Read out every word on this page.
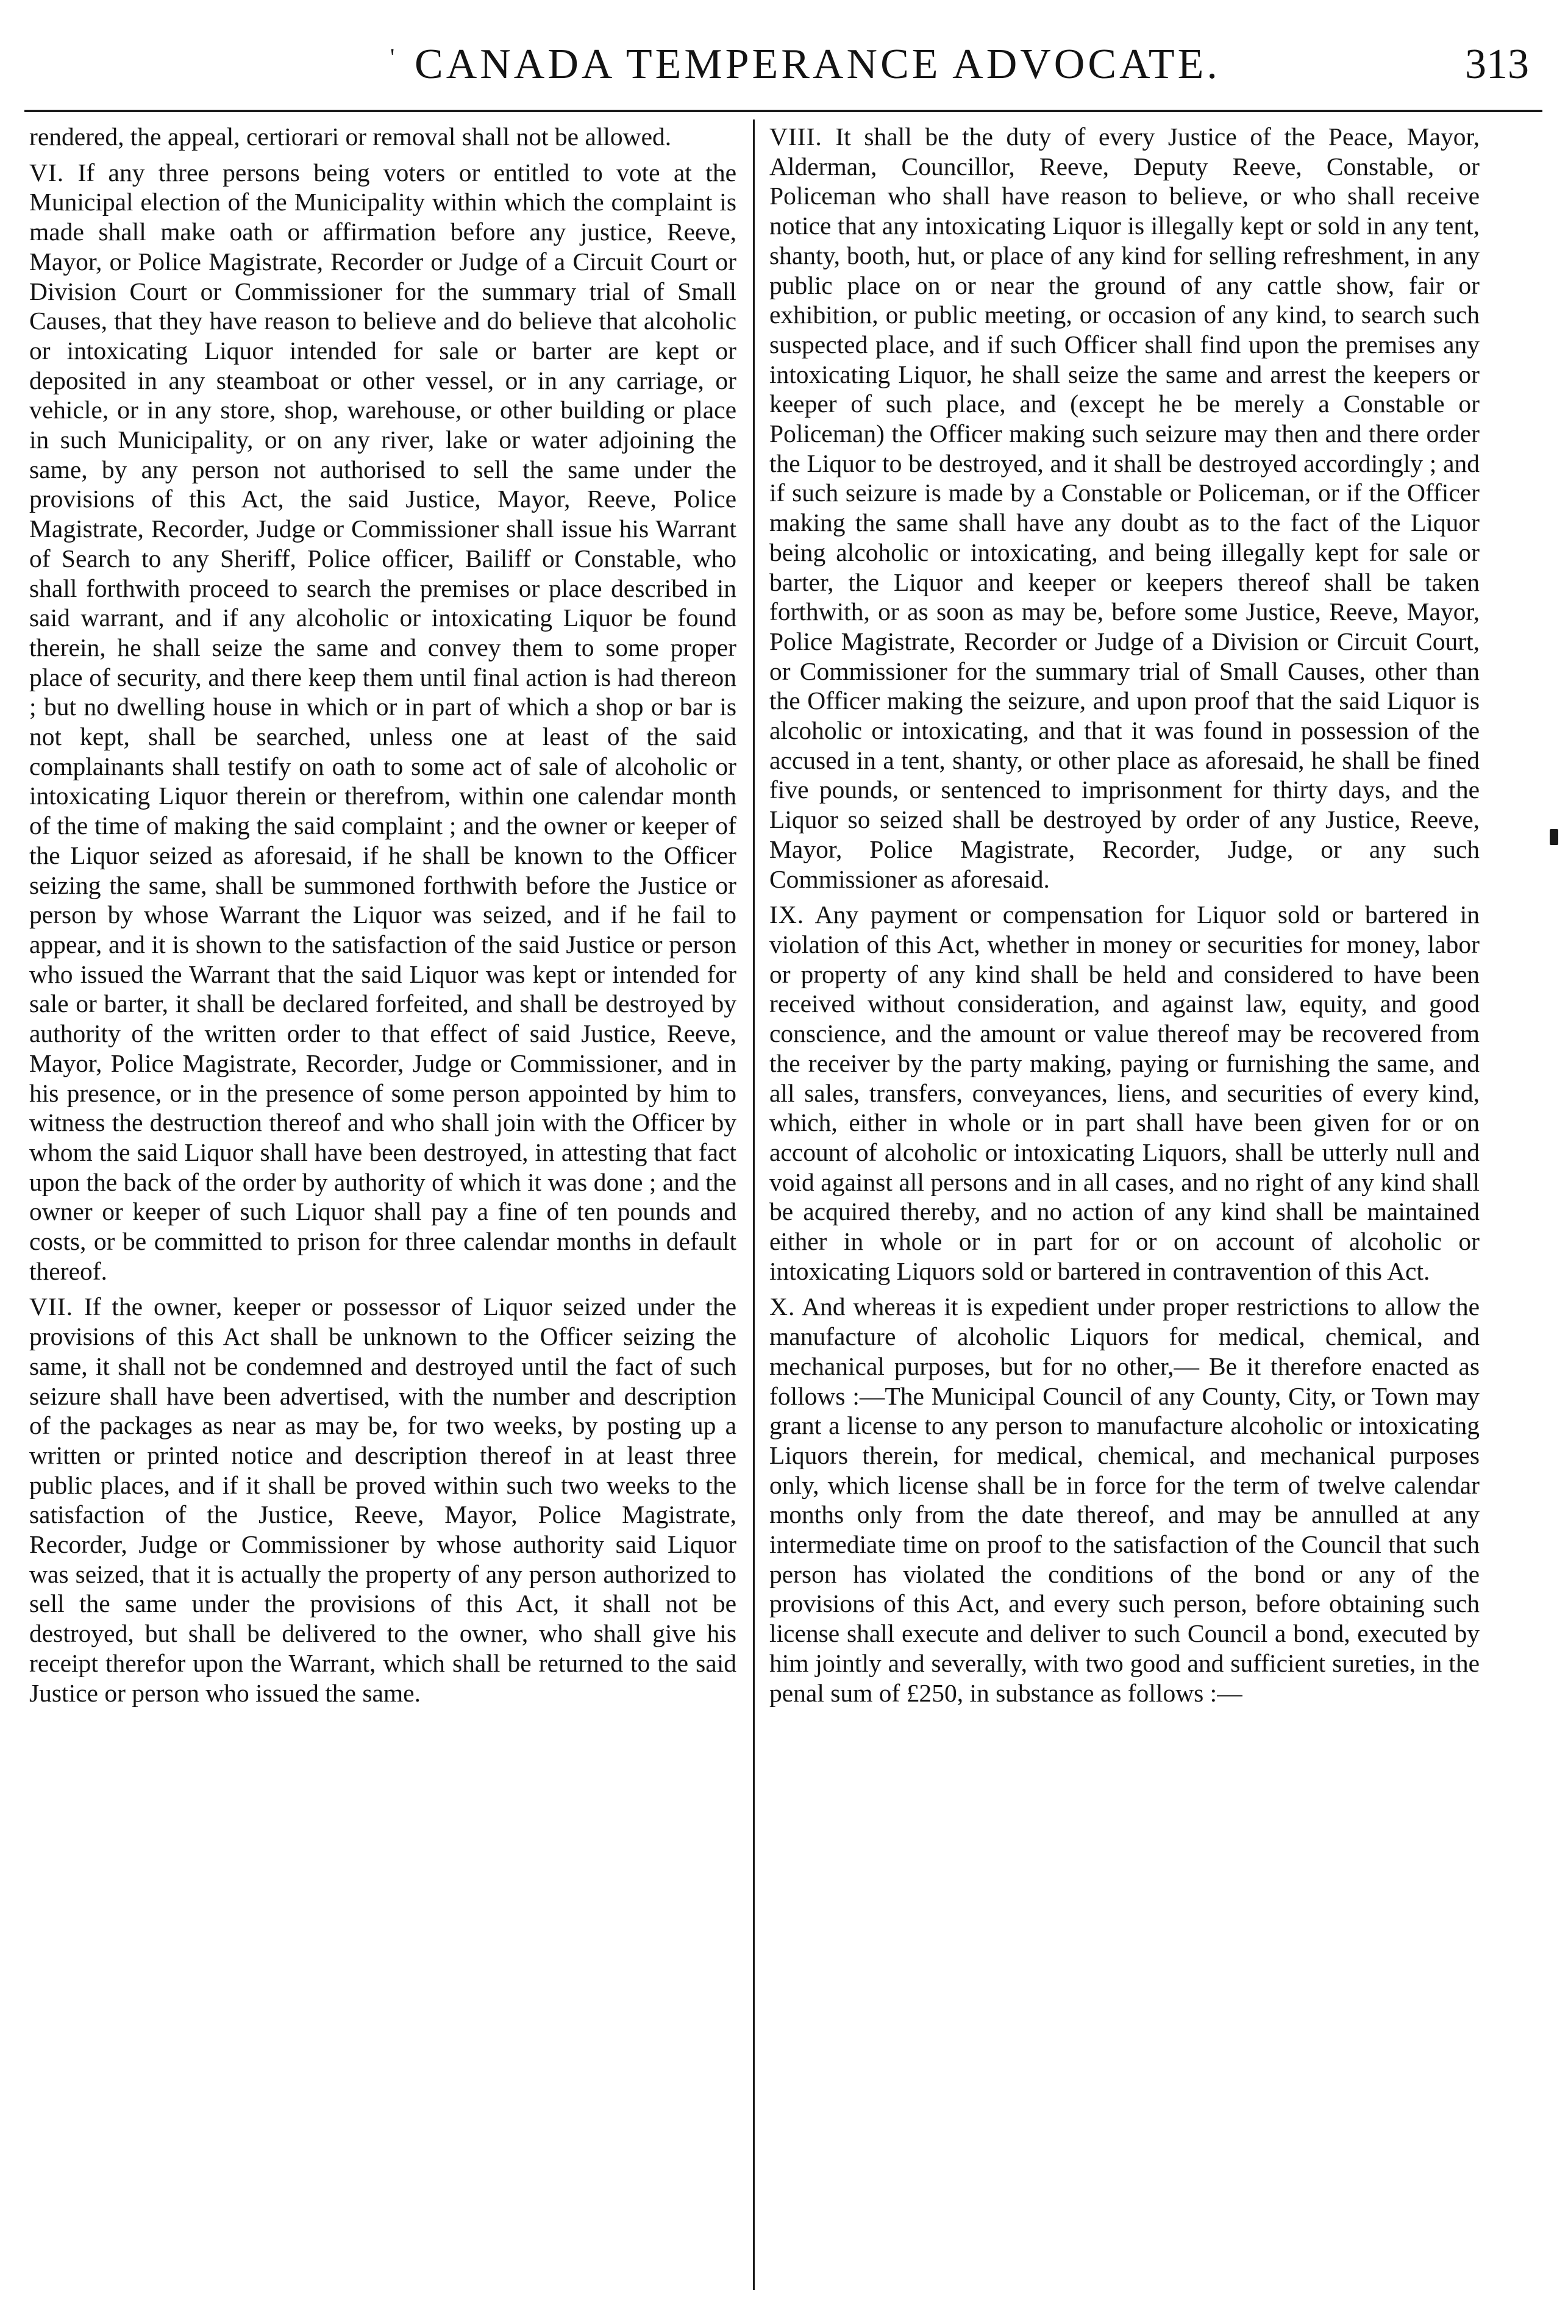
' CANADA TEMPERANCE ADVOCATE.	313

rendered, the appeal, certiorari or removal shall not be allowed.

VI. If any three persons being voters or entitled to vote at the Municipal election of the Municipality within which the complaint is made shall make oath or affirmation before any justice, Reeve, Mayor, or Police Magistrate, Recorder or Judge of a Circuit Court or Division Court or Commissioner for the summary trial of Small Causes, that they have reason to believe and do believe that alcoholic or intoxicating Liquor intended for sale or barter are kept or deposited in any steamboat or other vessel, or in any carriage, or vehicle, or in any store, shop, warehouse, or other building or place in such Municipality, or on any river, lake or water adjoining the same, by any person not authorised to sell the same under the provisions of this Act, the said Justice, Mayor, Reeve, Police Magistrate, Recorder, Judge or Commissioner shall issue his Warrant of Search to any Sheriff, Police officer, Bailiff or Constable, who shall forthwith proceed to search the premises or place described in said warrant, and if any alcoholic or intoxicating Liquor be found therein, he shall seize the same and convey them to some proper place of security, and there keep them until final action is had thereon ; but no dwelling house in which or in part of which a shop or bar is not kept, shall be searched, unless one at least of the said complainants shall testify on oath to some act of sale of alcoholic or intoxicating Liquor therein or therefrom, within one calendar month of the time of making the said complaint ; and the owner or keeper of the Liquor seized as aforesaid, if he shall be known to the Officer seizing the same, shall be summoned forthwith before the Justice or person by whose Warrant the Liquor was seized, and if he fail to appear, and it is shown to the satisfaction of the said Justice or person who issued the Warrant that the said Liquor was kept or intended for sale or barter, it shall be declared forfeited, and shall be destroyed by authority of the written order to that effect of said Justice, Reeve, Mayor, Police Magistrate, Recorder, Judge or Commissioner, and in his presence, or in the presence of some person appointed by him to witness the destruction thereof and who shall join with the Officer by whom the said Liquor shall have been destroyed, in attesting that fact upon the back of the order by authority of which it was done ; and the owner or keeper of such Liquor shall pay a fine of ten pounds and costs, or be committed to prison for three calendar months in default thereof.

VII. If the owner, keeper or possessor of Liquor seized under the provisions of this Act shall be unknown to the Officer seizing the same, it shall not be condemned and destroyed until the fact of such seizure shall have been advertised, with the number and description of the packages as near as may be, for two weeks, by posting up a written or printed notice and description thereof in at least three public places, and if it shall be proved within such two weeks to the satisfaction of the Justice, Reeve, Mayor, Police Magistrate, Recorder, Judge or Commissioner by whose authority said Liquor was seized, that it is actually the property of any person authorized to sell the same under the provisions of this Act, it shall not be destroyed, but shall be delivered to the owner, who shall give his receipt therefor upon the Warrant, which shall be returned to the said Justice or person who issued the same.

VIII. It shall be the duty of every Justice of the Peace, Mayor, Alderman, Councillor, Reeve, Deputy Reeve, Constable, or Policeman who shall have reason to believe, or who shall receive notice that any intoxicating Liquor is illegally kept or sold in any tent, shanty, booth, hut, or place of any kind for selling refreshment, in any public place on or near the ground of any cattle show, fair or exhibition, or public meeting, or occasion of any kind, to search such suspected place, and if such Officer shall find upon the premises any intoxicating Liquor, he shall seize the same and arrest the keepers or keeper of such place, and (except he be merely a Constable or Policeman) the Officer making such seizure may then and there order the Liquor to be destroyed, and it shall be destroyed accordingly ; and if such seizure is made by a Constable or Policeman, or if the Officer making the same shall have any doubt as to the fact of the Liquor being alcoholic or intoxicating, and being illegally kept for sale or barter, the Liquor and keeper or keepers thereof shall be taken forthwith, or as soon as may be, before some Justice, Reeve, Mayor, Police Magistrate, Recorder or Judge of a Division or Circuit Court, or Commissioner for the summary trial of Small Causes, other than the Officer making the seizure, and upon proof that the said Liquor is alcoholic or intoxicating, and that it was found in possession of the accused in a tent, shanty, or other place as aforesaid, he shall be fined five pounds, or sentenced to imprisonment for thirty days, and the Liquor so seized shall be destroyed by order of any Justice, Reeve, Mayor, Police Magistrate, Recorder, Judge, or any such Commissioner as aforesaid.

IX. Any payment or compensation for Liquor sold or bartered in violation of this Act, whether in money or securities for money, labor or property of any kind shall be held and considered to have been received without consideration, and against law, equity, and good conscience, and the amount or value thereof may be recovered from the receiver by the party making, paying or furnishing the same, and all sales, transfers, conveyances, liens, and securities of every kind, which, either in whole or in part shall have been given for or on account of alcoholic or intoxicating Liquors, shall be utterly null and void against all persons and in all cases, and no right of any kind shall be acquired thereby, and no action of any kind shall be maintained either in whole or in part for or on account of alcoholic or intoxicating Liquors sold or bartered in contravention of this Act.

X. And whereas it is expedient under proper restrictions to allow the manufacture of alcoholic Liquors for medical, chemical, and mechanical purposes, but for no other,— Be it therefore enacted as follows :—The Municipal Council of any County, City, or Town may grant a license to any person to manufacture alcoholic or intoxicating Liquors therein, for medical, chemical, and mechanical purposes only, which license shall be in force for the term of twelve calendar months only from the date thereof, and may be annulled at any intermediate time on proof to the satisfaction of the Council that such person has violated the conditions of the bond or any of the provisions of this Act, and every such person, before obtaining such license shall execute and deliver to such Council a bond, executed by him jointly and severally, with two good and sufficient sureties, in the penal sum of £250, in substance as follows :—
